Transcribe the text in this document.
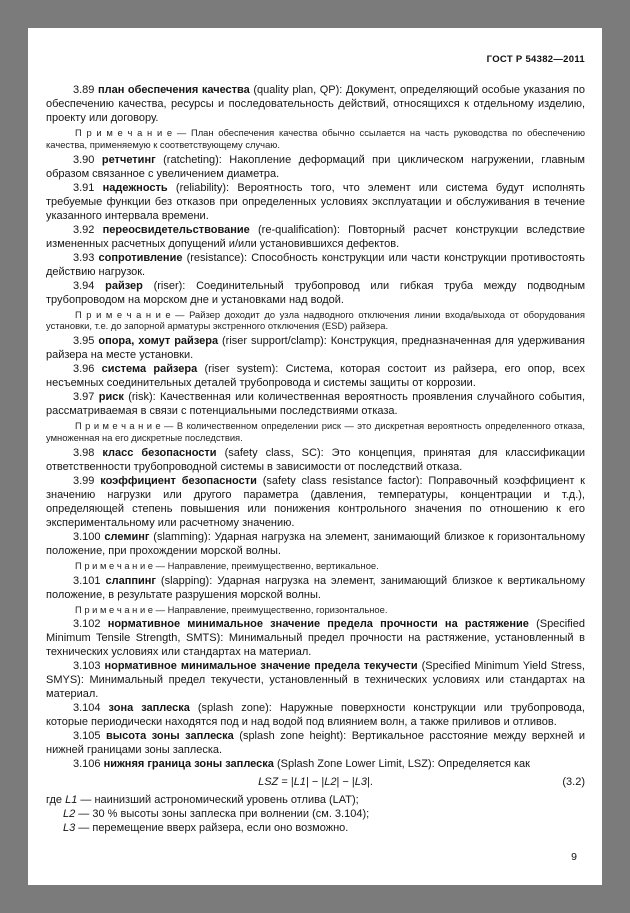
ГОСТ Р 54382—2011
3.89 план обеспечения качества (quality plan, QP): Документ, определяющий особые указания по обеспечению качества, ресурсы и последовательность действий, относящихся к отдельному изделию, проекту или договору.
П р и м е ч а н и е — План обеспечения качества обычно ссылается на часть руководства по обеспечению качества, применяемую к соответствующему случаю.
3.90 ретчетинг (ratcheting): Накопление деформаций при циклическом нагружении, главным образом связанное с увеличением диаметра.
3.91 надежность (reliability): Вероятность того, что элемент или система будут исполнять требуемые функции без отказов при определенных условиях эксплуатации и обслуживания в течение указанного интервала времени.
3.92 переосвидетельствование (re-qualification): Повторный расчет конструкции вследствие измененных расчетных допущений и/или установившихся дефектов.
3.93 сопротивление (resistance): Способность конструкции или части конструкции противостоять действию нагрузок.
3.94 райзер (riser): Соединительный трубопровод или гибкая труба между подводным трубопроводом на морском дне и установками над водой.
П р и м е ч а н и е — Райзер доходит до узла надводного отключения линии входа/выхода от оборудования установки, т.е. до запорной арматуры экстренного отключения (ESD) райзера.
3.95 опора, хомут райзера (riser support/clamp): Конструкция, предназначенная для удерживания райзера на месте установки.
3.96 система райзера (riser system): Система, которая состоит из райзера, его опор, всех несъемных соединительных деталей трубопровода и системы защиты от коррозии.
3.97 риск (risk): Качественная или количественная вероятность проявления случайного события, рассматриваемая в связи с потенциальными последствиями отказа.
П р и м е ч а н и е — В количественном определении риск — это дискретная вероятность определенного отказа, умноженная на его дискретные последствия.
3.98 класс безопасности (safety class, SC): Это концепция, принятая для классификации ответственности трубопроводной системы в зависимости от последствий отказа.
3.99 коэффициент безопасности (safety class resistance factor): Поправочный коэффициент к значению нагрузки или другого параметра (давления, температуры, концентрации и т.д.), определяющей степень повышения или понижения контрольного значения по отношению к его экспериментальному или расчетному значению.
3.100 слеминг (slamming): Ударная нагрузка на элемент, занимающий близкое к горизонтальному положение, при прохождении морской волны.
П р и м е ч а н и е — Направление, преимущественно, вертикальное.
3.101 слаппинг (slapping): Ударная нагрузка на элемент, занимающий близкое к вертикальному положение, в результате разрушения морской волны.
П р и м е ч а н и е — Направление, преимущественно, горизонтальное.
3.102 нормативное минимальное значение предела прочности на растяжение (Specified Minimum Tensile Strength, SMTS): Минимальный предел прочности на растяжение, установленный в технических условиях или стандартах на материал.
3.103 нормативное минимальное значение предела текучести (Specified Minimum Yield Stress, SMYS): Минимальный предел текучести, установленный в технических условиях или стандартах на материал.
3.104 зона заплеска (splash zone): Наружные поверхности конструкции или трубопровода, которые периодически находятся под и над водой под влиянием волн, а также приливов и отливов.
3.105 высота зоны заплеска (splash zone height): Вертикальное расстояние между верхней и нижней границами зоны заплеска.
3.106 нижняя граница зоны заплеска (Splash Zone Lower Limit, LSZ): Определяется как
LSZ = |L1| − |L2| − |L3|.	(3.2)
где L1 — наинизший астрономический уровень отлива (LAT);
L2 — 30 % высоты зоны заплеска при волнении (см. 3.104);
L3 — перемещение вверх райзера, если оно возможно.
9
